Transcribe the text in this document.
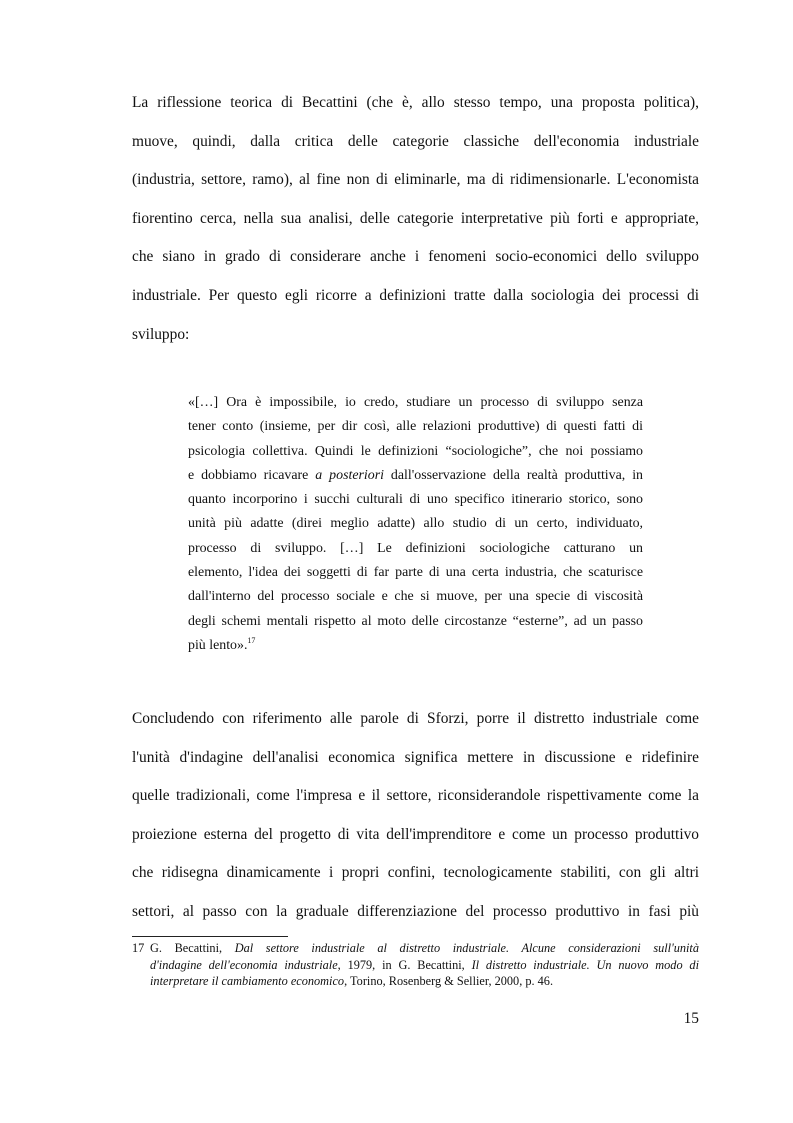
La riflessione teorica di Becattini (che è, allo stesso tempo, una proposta politica),
muove, quindi, dalla critica delle categorie classiche dell'economia industriale
(industria, settore, ramo), al fine non di eliminarle, ma di ridimensionarle. L'economista
fiorentino cerca, nella sua analisi, delle categorie interpretative più forti e appropriate,
che siano in grado di considerare anche i fenomeni socio-economici dello sviluppo
industriale. Per questo egli ricorre a definizioni tratte dalla sociologia dei processi di
sviluppo:
«[…] Ora è impossibile, io credo, studiare un processo di sviluppo senza
tener conto (insieme, per dir così, alle relazioni produttive) di questi fatti di
psicologia collettiva. Quindi le definizioni “sociologiche”, che noi possiamo
e dobbiamo ricavare a posteriori dall'osservazione della realtà produttiva, in
quanto incorporino i succhi culturali di uno specifico itinerario storico, sono
unità più adatte (direi meglio adatte) allo studio di un certo, individuato,
processo di sviluppo. […] Le definizioni sociologiche catturano un
elemento, l'idea dei soggetti di far parte di una certa industria, che scaturisce
dall'interno del processo sociale e che si muove, per una specie di viscosità
degli schemi mentali rispetto al moto delle circostanze “esterne”, ad un passo
più lento».$^{17}$
Concludendo con riferimento alle parole di Sforzi, porre il distretto industriale come
l'unità d'indagine dell'analisi economica significa mettere in discussione e ridefinire
quelle tradizionali, come l'impresa e il settore, riconsiderandole rispettivamente come la
proiezione esterna del progetto di vita dell'imprenditore e come un processo produttivo
che ridisegna dinamicamente i propri confini, tecnologicamente stabiliti, con gli altri
settori, al passo con la graduale differenziazione del processo produttivo in fasi più
17 G. Becattini, Dal settore industriale al distretto industriale. Alcune considerazioni sull'unità
d'indagine dell'economia industriale, 1979, in G. Becattini, Il distretto industriale. Un nuovo modo di
interpretare il cambiamento economico, Torino, Rosenberg & Sellier, 2000, p. 46.
15
